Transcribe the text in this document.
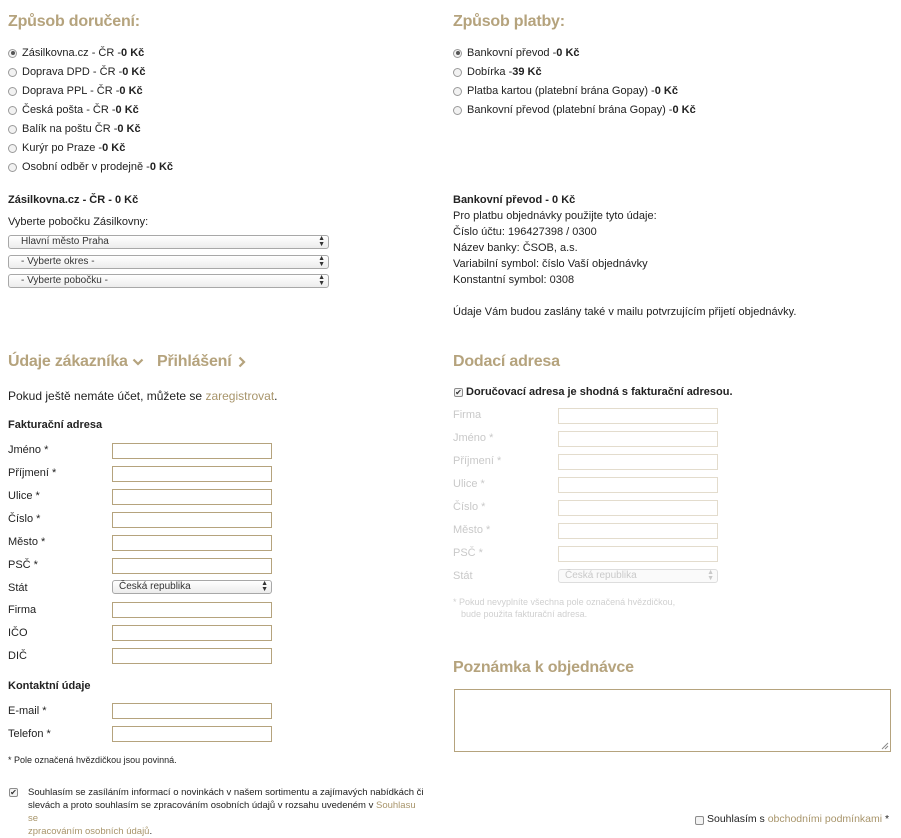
Způsob doručení:
Zásilkovna.cz - ČR - 0 Kč
Doprava DPD - ČR - 0 Kč
Doprava PPL - ČR - 0 Kč
Česká pošta - ČR - 0 Kč
Balík na poštu ČR - 0 Kč
Kurýr po Praze - 0 Kč
Osobní odběr v prodejně - 0 Kč
Zásilkovna.cz - ČR - 0 Kč
Vyberte pobočku Zásilkovny:
Hlavní město Praha	▲
▼
- Vyberte okres -	▲
▼
- Vyberte pobočku -	▲
▼
Způsob platby:
Bankovní převod - 0 Kč
Dobírka - 39 Kč
Platba kartou (platební brána Gopay) - 0 Kč
Bankovní převod (platební brána Gopay) - 0 Kč
Bankovní převod - 0 Kč
Pro platbu objednávky použijte tyto údaje:
Číslo účtu: 196427398 / 0300
Název banky: ČSOB, a.s.
Variabilní symbol: číslo Vaší objednávky
Konstantní symbol: 0308
Údaje Vám budou zaslány také v mailu potvrzujícím přijetí objednávky.
Údaje zákazníka Přihlášení
Pokud ještě nemáte účet, můžete se zaregistrovat.
Fakturační adresa
Jméno *
Příjmení *
Ulice *
Číslo *
Město *
PSČ *
Stát	Česká republika	▲
▼
Firma
IČO
DIČ
Kontaktní údaje
E-mail *
Telefon *
* Pole označená hvězdičkou jsou povinná.
✔ Souhlasím se zasíláním informací o novinkách v našem sortimentu a zajímavých nabídkách či
slevách a proto souhlasím se zpracováním osobních údajů v rozsahu uvedeném v Souhlasu se
zpracováním osobních údajů.
Dodací adresa
✔ Doručovací adresa je shodná s fakturační adresou.
Firma
Jméno *
Příjmení *
Ulice *
Číslo *
Město *
PSČ *
Stát	Česká republika	▲
▼
* Pokud nevyplníte všechna pole označená hvězdičkou,
bude použita fakturační adresa.
Poznámka k objednávce
Souhlasím s obchodními podmínkami *
